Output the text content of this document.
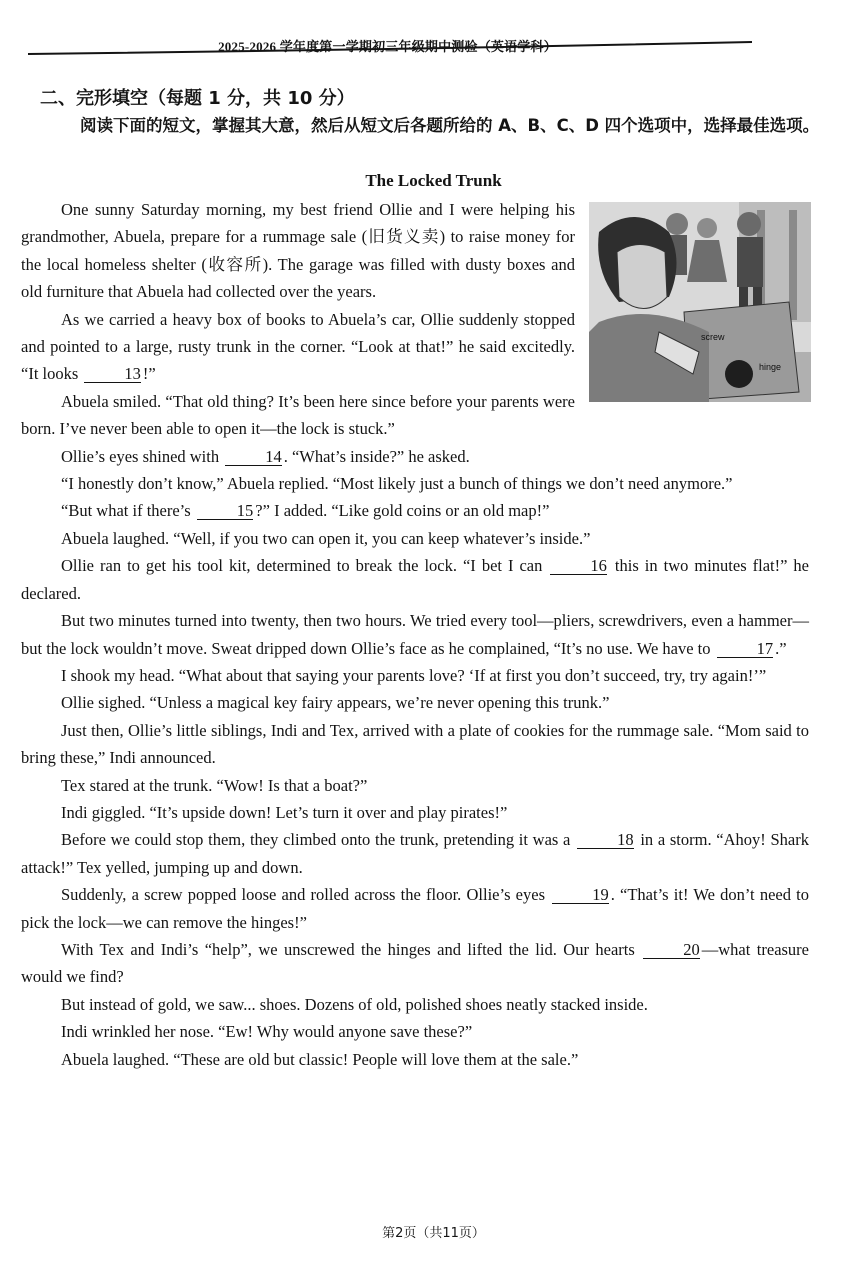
2025-2026 学年度第一学期初三年级期中测验（英语学科）
二、完形填空（每题 1 分，共 10 分）
阅读下面的短文，掌握其大意，然后从短文后各题所给的 A、B、C、D 四个选项中，选择最佳选项。
The Locked Trunk
screw
hinge

One sunny Saturday morning, my best friend Ollie and I were helping his grandmother, Abuela, prepare for a rummage sale (旧货义卖) to raise money for the local homeless shelter (收容所). The garage was filled with dusty boxes and old furniture that Abuela had collected over the years.

As we carried a heavy box of books to Abuela’s car, Ollie suddenly stopped and pointed to a large, rusty trunk in the corner. “Look at that!” he said excitedly. “It looks	13 !”

Abuela smiled. “That old thing? It’s been here since before your parents were born. I’ve never been able to open it—the lock is stuck.”

Ollie’s eyes shined with	14 . “What’s inside?” he asked.

“I honestly don’t know,” Abuela replied. “Most likely just a bunch of things we don’t need anymore.”

“But what if there’s	15 ?” I added. “Like gold coins or an old map!”

Abuela laughed. “Well, if you two can open it, you can keep whatever’s inside.”

Ollie ran to get his tool kit, determined to break the lock. “I bet I can	16 this in two minutes flat!” he declared.

But two minutes turned into twenty, then two hours. We tried every tool—pliers, screwdrivers, even a hammer—but the lock wouldn’t move. Sweat dripped down Ollie’s face as he complained, “It’s no use. We have to	17 .”

I shook my head. “What about that saying your parents love? ‘If at first you don’t succeed, try, try again!’”

Ollie sighed. “Unless a magical key fairy appears, we’re never opening this trunk.”

Just then, Ollie’s little siblings, Indi and Tex, arrived with a plate of cookies for the rummage sale. “Mom said to bring these,” Indi announced.

Tex stared at the trunk. “Wow! Is that a boat?”

Indi giggled. “It’s upside down! Let’s turn it over and play pirates!”

Before we could stop them, they climbed onto the trunk, pretending it was a	18 in a storm. “Ahoy! Shark attack!” Tex yelled, jumping up and down.

Suddenly, a screw popped loose and rolled across the floor. Ollie’s eyes	19 . “That’s it! We don’t need to pick the lock—we can remove the hinges!”

With Tex and Indi’s “help”, we unscrewed the hinges and lifted the lid. Our hearts	20 —what treasure would we find?

But instead of gold, we saw... shoes. Dozens of old, polished shoes neatly stacked inside.

Indi wrinkled her nose. “Ew! Why would anyone save these?”

Abuela laughed. “These are old but classic! People will love them at the sale.”

第2页（共11页）
